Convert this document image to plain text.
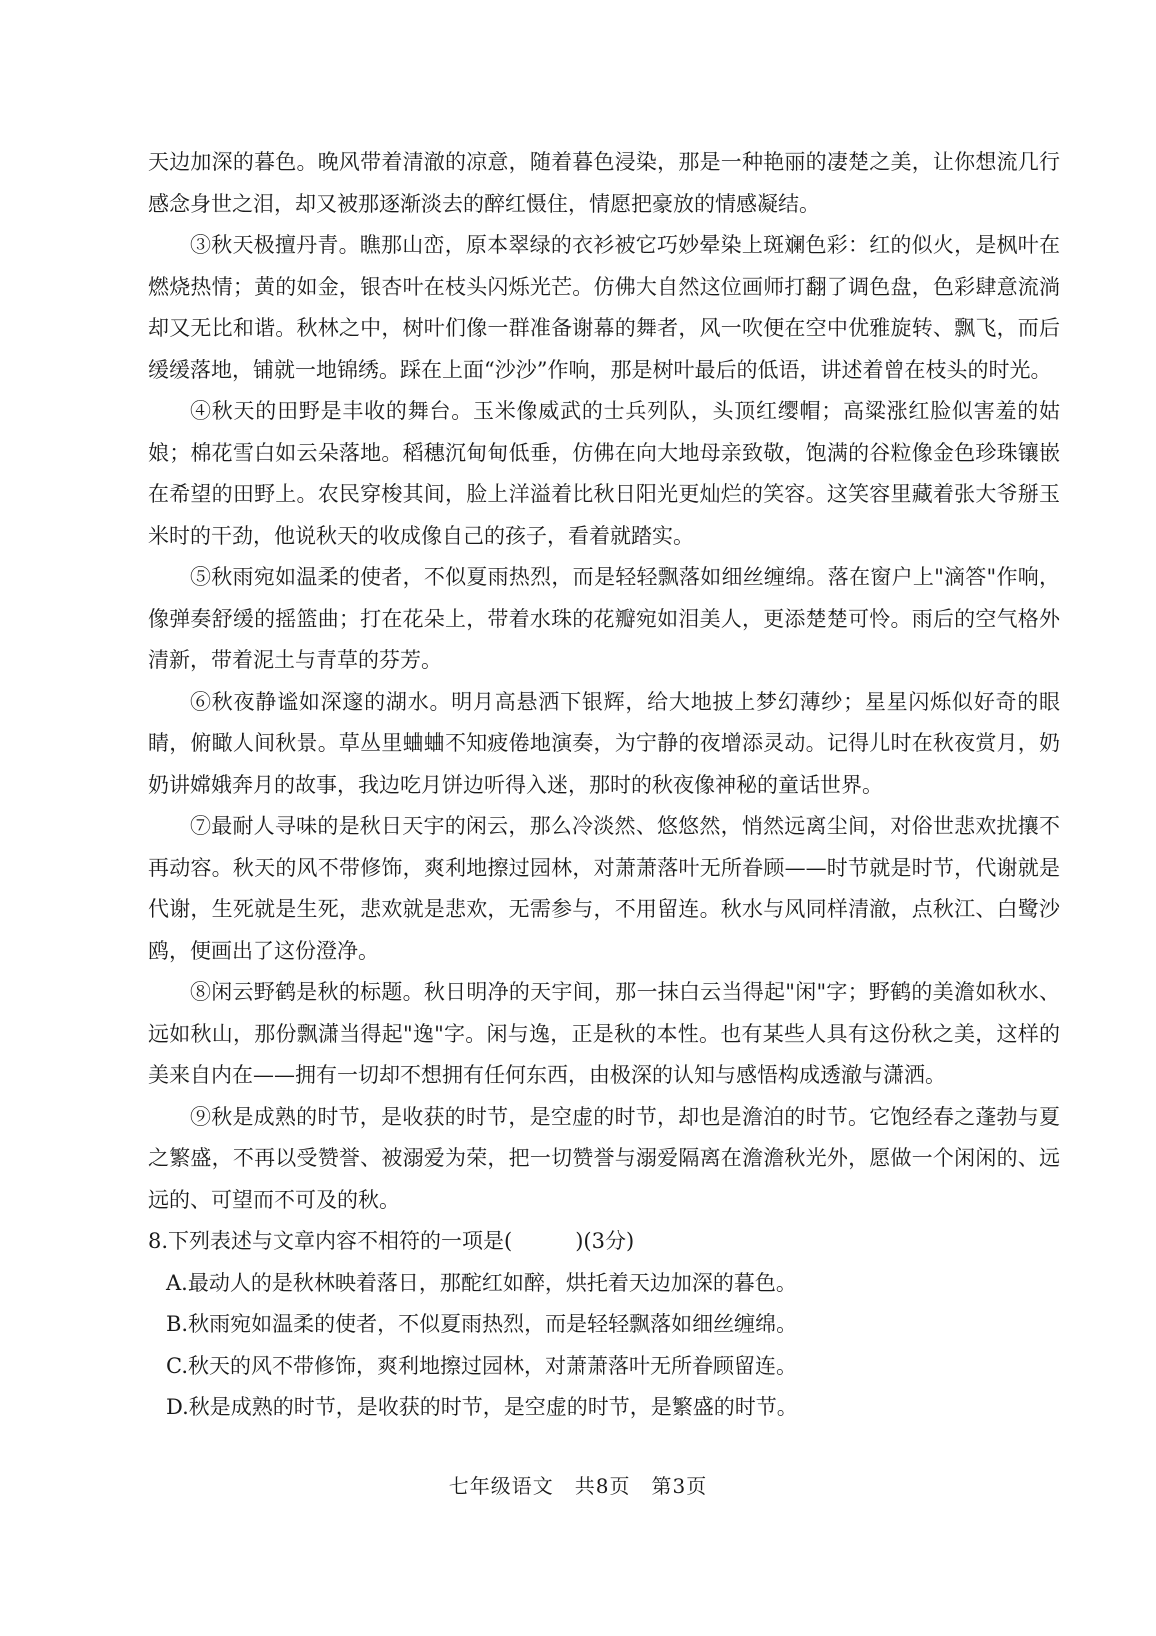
天边加深的暮色。晚风带着清澈的凉意，随着暮色浸染，那是一种艳丽的凄楚之美，让你想流几行感念身世之泪，却又被那逐渐淡去的醉红慑住，情愿把豪放的情感凝结。

③秋天极擅丹青。瞧那山峦，原本翠绿的衣衫被它巧妙晕染上斑斓色彩：红的似火，是枫叶在燃烧热情；黄的如金，银杏叶在枝头闪烁光芒。仿佛大自然这位画师打翻了调色盘，色彩肆意流淌却又无比和谐。秋林之中，树叶们像一群准备谢幕的舞者，风一吹便在空中优雅旋转、飘飞，而后缓缓落地，铺就一地锦绣。踩在上面“沙沙”作响，那是树叶最后的低语，讲述着曾在枝头的时光。

④秋天的田野是丰收的舞台。玉米像威武的士兵列队，头顶红缨帽；高粱涨红脸似害羞的姑娘；棉花雪白如云朵落地。稻穗沉甸甸低垂，仿佛在向大地母亲致敬，饱满的谷粒像金色珍珠镶嵌在希望的田野上。农民穿梭其间，脸上洋溢着比秋日阳光更灿烂的笑容。这笑容里藏着张大爷掰玉米时的干劲，他说秋天的收成像自己的孩子，看着就踏实。

⑤秋雨宛如温柔的使者，不似夏雨热烈，而是轻轻飘落如细丝缠绵。落在窗户上"滴答"作响，像弹奏舒缓的摇篮曲；打在花朵上，带着水珠的花瓣宛如泪美人，更添楚楚可怜。雨后的空气格外清新，带着泥土与青草的芬芳。

⑥秋夜静谧如深邃的湖水。明月高悬洒下银辉，给大地披上梦幻薄纱；星星闪烁似好奇的眼睛，俯瞰人间秋景。草丛里蛐蛐不知疲倦地演奏，为宁静的夜增添灵动。记得儿时在秋夜赏月，奶奶讲嫦娥奔月的故事，我边吃月饼边听得入迷，那时的秋夜像神秘的童话世界。

⑦最耐人寻味的是秋日天宇的闲云，那么冷淡然、悠悠然，悄然远离尘间，对俗世悲欢扰攘不再动容。秋天的风不带修饰，爽利地擦过园林，对萧萧落叶无所眷顾——时节就是时节，代谢就是代谢，生死就是生死，悲欢就是悲欢，无需参与，不用留连。秋水与风同样清澈，点秋江、白鹭沙鸥，便画出了这份澄净。

⑧闲云野鹤是秋的标题。秋日明净的天宇间，那一抹白云当得起"闲"字；野鹤的美澹如秋水、远如秋山，那份飘潇当得起"逸"字。闲与逸，正是秋的本性。也有某些人具有这份秋之美，这样的美来自内在——拥有一切却不想拥有任何东西，由极深的认知与感悟构成透澈与潇洒。

⑨秋是成熟的时节，是收获的时节，是空虚的时节，却也是澹泊的时节。它饱经春之蓬勃与夏之繁盛，不再以受赞誉、被溺爱为荣，把一切赞誉与溺爱隔离在澹澹秋光外，愿做一个闲闲的、远远的、可望而不可及的秋。

8.下列表述与文章内容不相符的一项是(　　　)(3分)

A.最动人的是秋林映着落日，那酡红如醉，烘托着天边加深的暮色。

B.秋雨宛如温柔的使者，不似夏雨热烈，而是轻轻飘落如细丝缠绵。

C.秋天的风不带修饰，爽利地擦过园林，对萧萧落叶无所眷顾留连。

D.秋是成熟的时节，是收获的时节，是空虚的时节，是繁盛的时节。

七年级语文　共8页　第3页
